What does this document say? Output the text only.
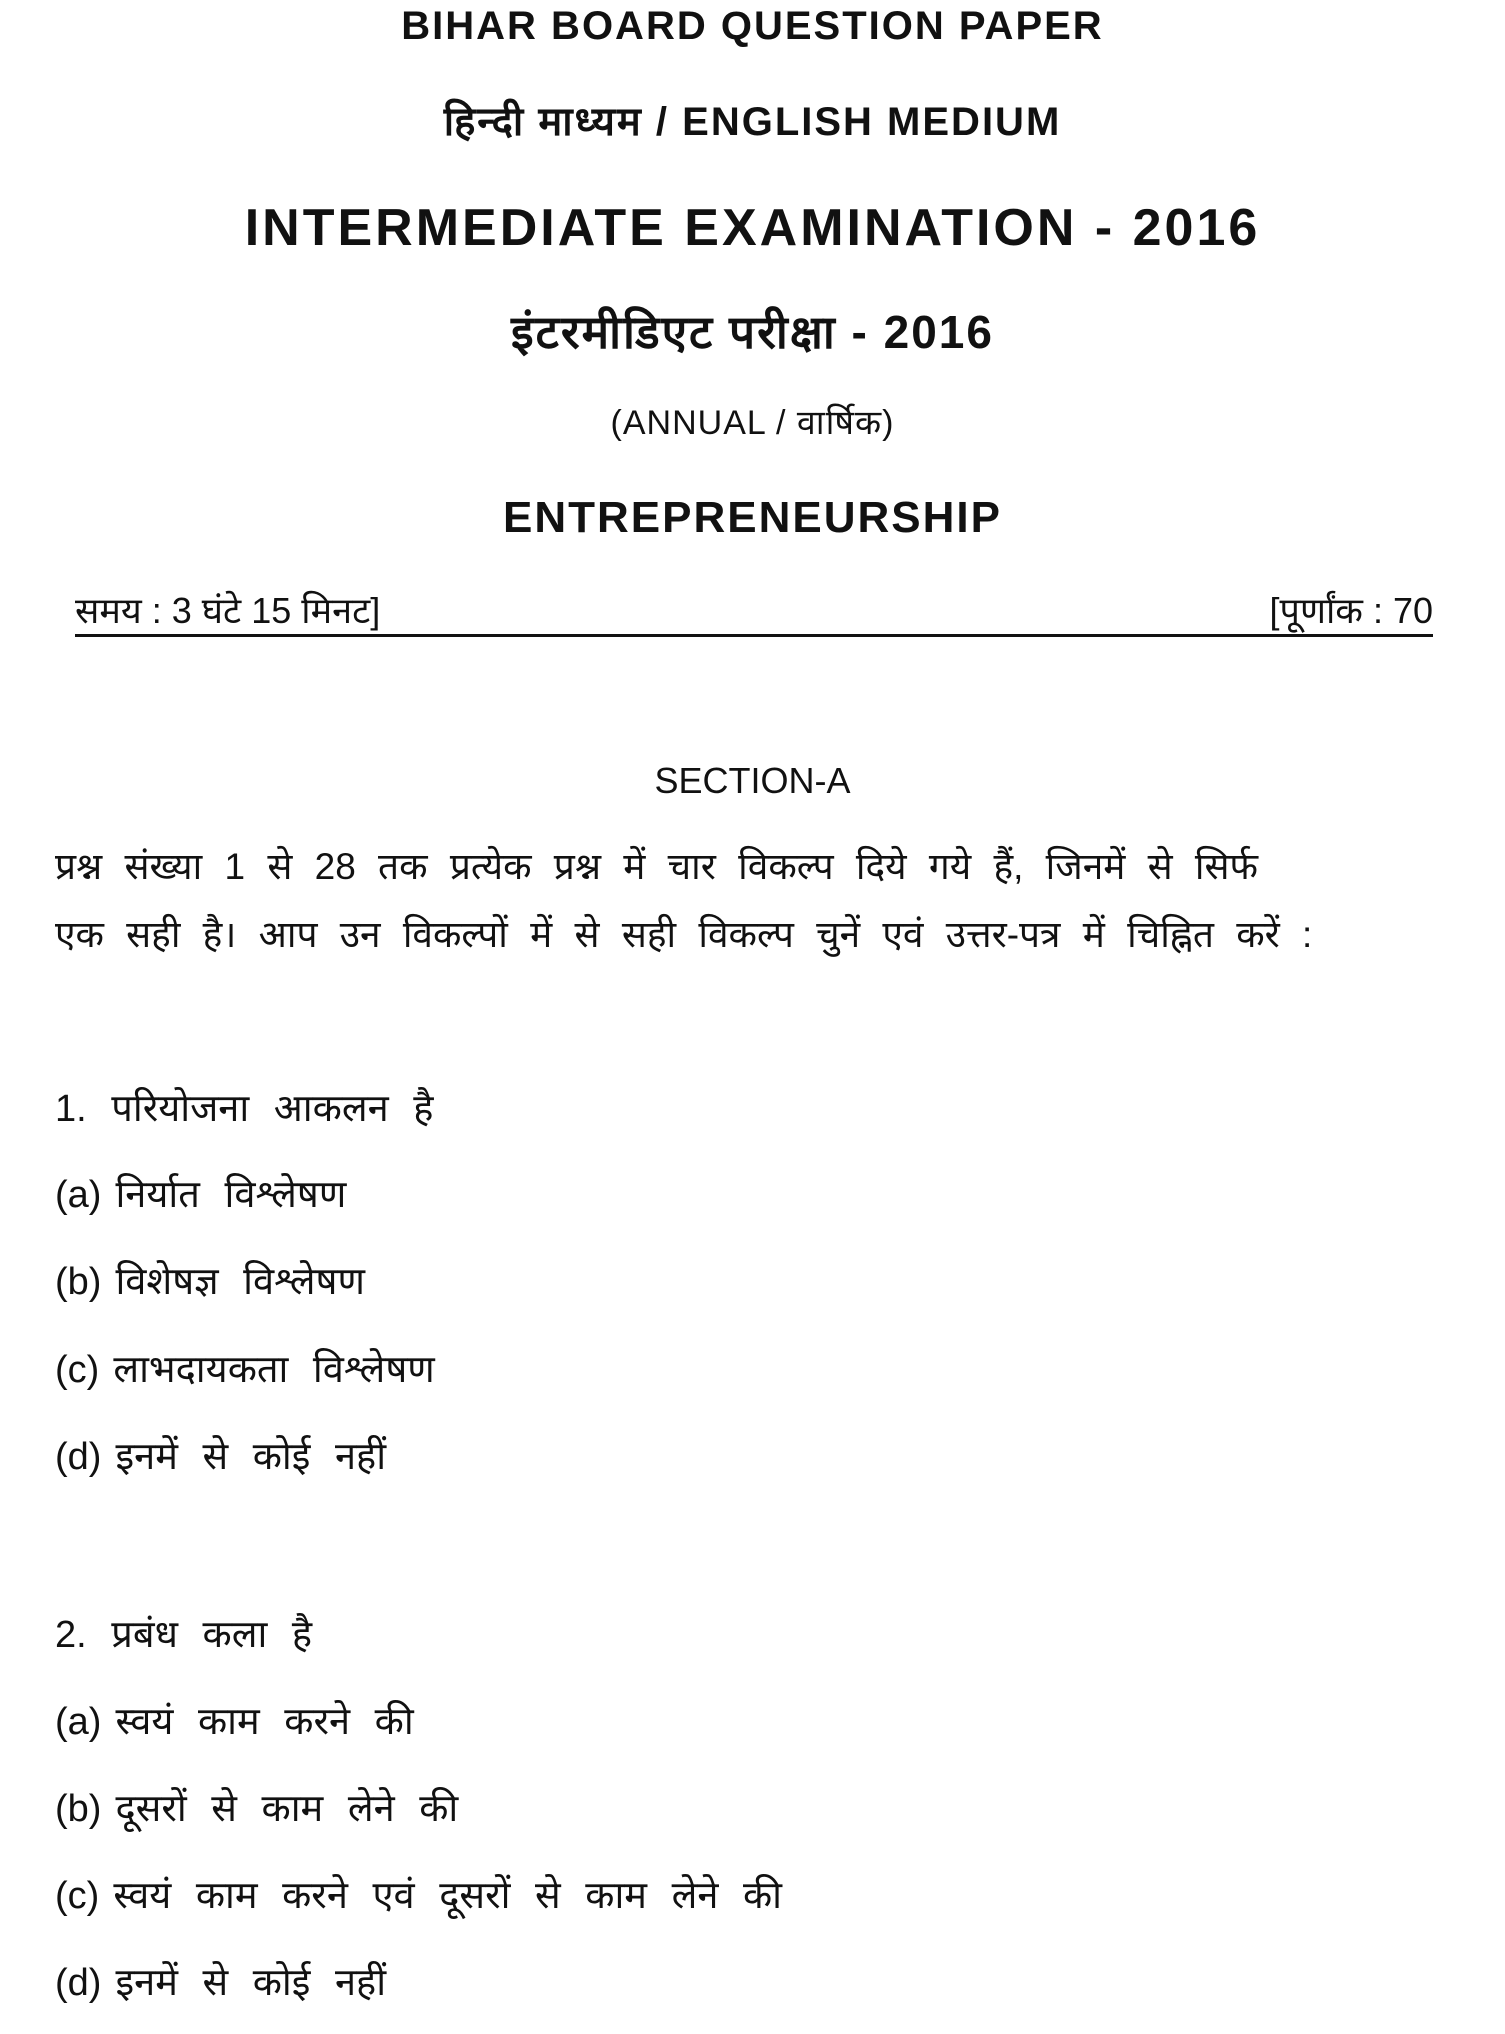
BIHAR BOARD QUESTION PAPER
हिन्दी माध्यम / ENGLISH MEDIUM
INTERMEDIATE EXAMINATION - 2016
इंटरमीडिएट परीक्षा - 2016
(ANNUAL / वार्षिक)
ENTREPRENEURSHIP
समय : 3 घंटे 15 मिनट]	[पूर्णांक : 70
SECTION-A
प्रश्न संख्या 1 से 28 तक प्रत्येक प्रश्न में चार विकल्प दिये गये हैं, जिनमें से सिर्फ
एक सही है। आप उन विकल्पों में से सही विकल्प चुनें एवं उत्तर-पत्र में चिह्नित करें :
1. परियोजना आकलन है
(a) निर्यात विश्लेषण
(b) विशेषज्ञ विश्लेषण
(c) लाभदायकता विश्लेषण
(d) इनमें से कोई नहीं
2. प्रबंध कला है
(a) स्वयं काम करने की
(b) दूसरों से काम लेने की
(c) स्वयं काम करने एवं दूसरों से काम लेने की
(d) इनमें से कोई नहीं
